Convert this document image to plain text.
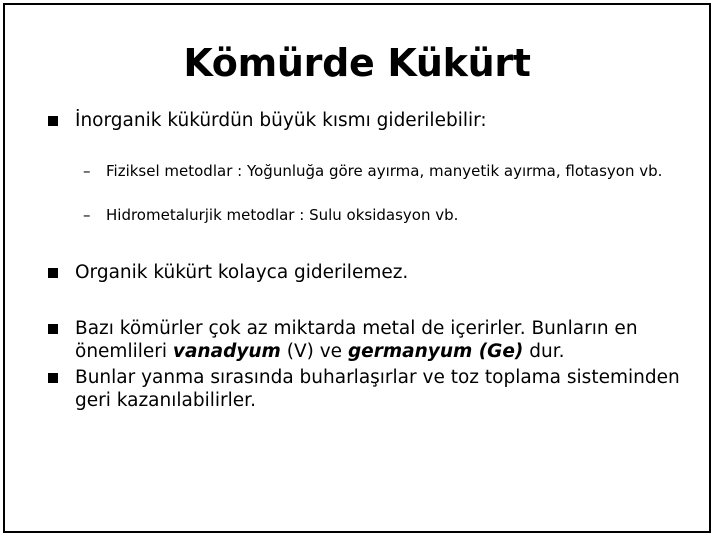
Kömürde Kükürt
İnorganik kükürdün büyük kısmı giderilebilir:
– Fiziksel metodlar : Yoğunluğa göre ayırma, manyetik ayırma, flotasyon vb.
– Hidrometalurjik metodlar : Sulu oksidasyon vb.
Organik kükürt kolayca giderilemez.
Bazı kömürler çok az miktarda metal de içerirler. Bunların en önemlileri vanadyum (V) ve germanyum (Ge) dur.
Bunlar yanma sırasında buharlaşırlar ve toz toplama sisteminden geri kazanılabilirler.
